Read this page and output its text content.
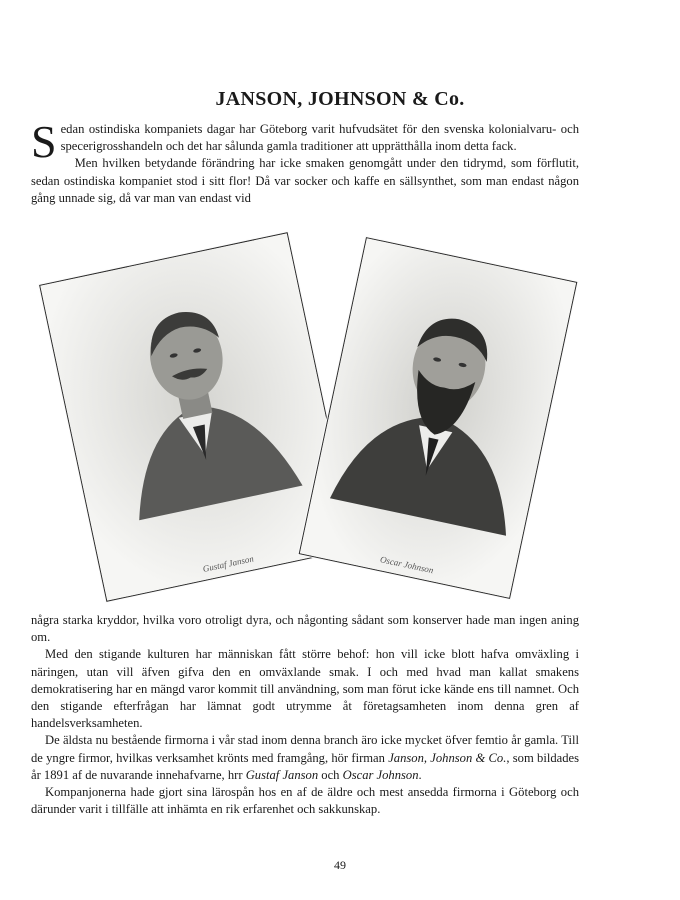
JANSON, JOHNSON & Co.

Sedan ostindiska kompaniets dagar har Göteborg varit hufvudsätet för den svenska kolonialvaru- och specerigrosshandeln och det har sålunda gamla traditioner att upprätthålla inom detta fack.

Men hvilken betydande förändring har icke smaken genomgått under den tidrymd, som förflutit, sedan ostindiska kompaniet stod i sitt flor! Då var socker och kaffe en sällsynthet, som man endast någon gång unnade sig, då var man van endast vid

Gustaf Janson	Oscar Johnson

några starka kryddor, hvilka voro otroligt dyra, och någonting sådant som konserver hade man ingen aning om.

Med den stigande kulturen har människan fått större behof: hon vill icke blott hafva omväxling i näringen, utan vill äfven gifva den en omväxlande smak. I och med hvad man kallat smakens demokratisering har en mängd varor kommit till användning, som man förut icke kände ens till namnet. Och den stigande efterfrågan har lämnat godt utrymme åt företagsamheten inom denna gren af handelsverksamheten.

De äldsta nu bestående firmorna i vår stad inom denna branch äro icke mycket öfver femtio år gamla. Till de yngre firmor, hvilkas verksamhet krönts med framgång, hör firman Janson, Johnson & Co., som bildades år 1891 af de nuvarande innehafvarne, hrr Gustaf Janson och Oscar Johnson.

Kompanjonerna hade gjort sina lärospån hos en af de äldre och mest ansedda firmorna i Göteborg och därunder varit i tillfälle att inhämta en rik erfarenhet och sakkunskap.

49
